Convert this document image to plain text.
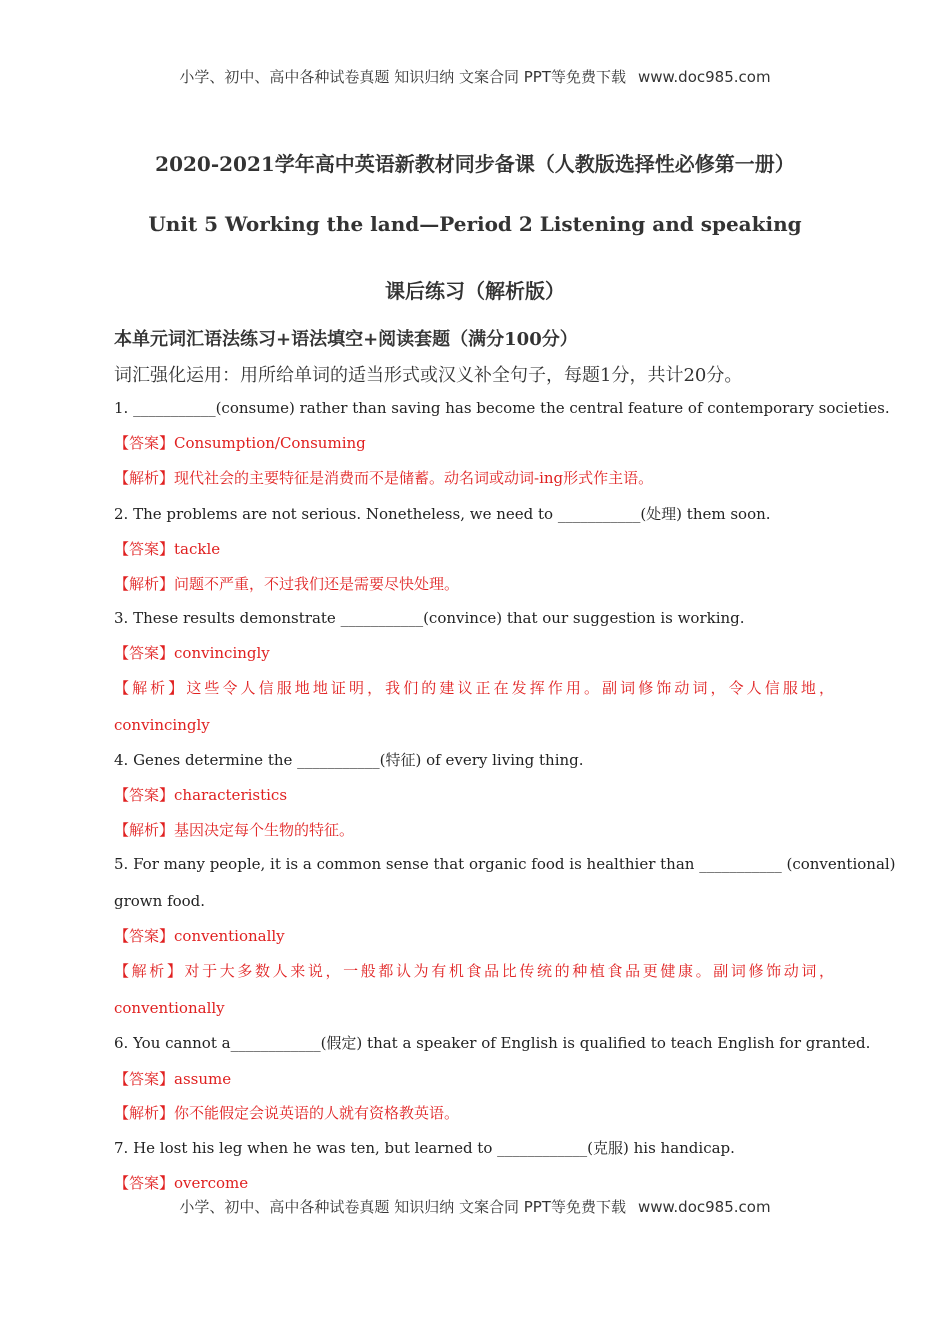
小学、初中、高中各种试卷真题 知识归纳 文案合同 PPT等免费下载 www.doc985.com
2020-2021学年高中英语新教材同步备课（人教版选择性必修第一册）
Unit 5 Working the land—Period 2 Listening and speaking
课后练习（解析版）
本单元词汇语法练习+语法填空+阅读套题（满分100分）
词汇强化运用：用所给单词的适当形式或汉义补全句子，每题1分，共计20分。
1. ___________(consume) rather than saving has become the central feature of contemporary societies.
【答案】Consumption/Consuming
【解析】现代社会的主要特征是消费而不是储蓄。动名词或动词-ing形式作主语。
2. The problems are not serious. Nonetheless, we need to ___________(处理) them soon.
【答案】tackle
【解析】问题不严重，不过我们还是需要尽快处理。
3. These results demonstrate ___________(convince) that our suggestion is working.
【答案】convincingly
【解析】这些令人信服地地证明，我们的建议正在发挥作用。副词修饰动词，令人信服地，
convincingly
4. Genes determine the ___________(特征) of every living thing.
【答案】characteristics
【解析】基因决定每个生物的特征。
5. For many people, it is a common sense that organic food is healthier than ___________ (conventional)
grown food.
【答案】conventionally
【解析】对于大多数人来说，一般都认为有机食品比传统的种植食品更健康。副词修饰动词，
conventionally
6. You cannot a____________(假定) that a speaker of English is qualified to teach English for granted.
【答案】assume
【解析】你不能假定会说英语的人就有资格教英语。
7. He lost his leg when he was ten, but learned to ____________(克服) his handicap.
【答案】overcome
小学、初中、高中各种试卷真题 知识归纳 文案合同 PPT等免费下载 www.doc985.com
